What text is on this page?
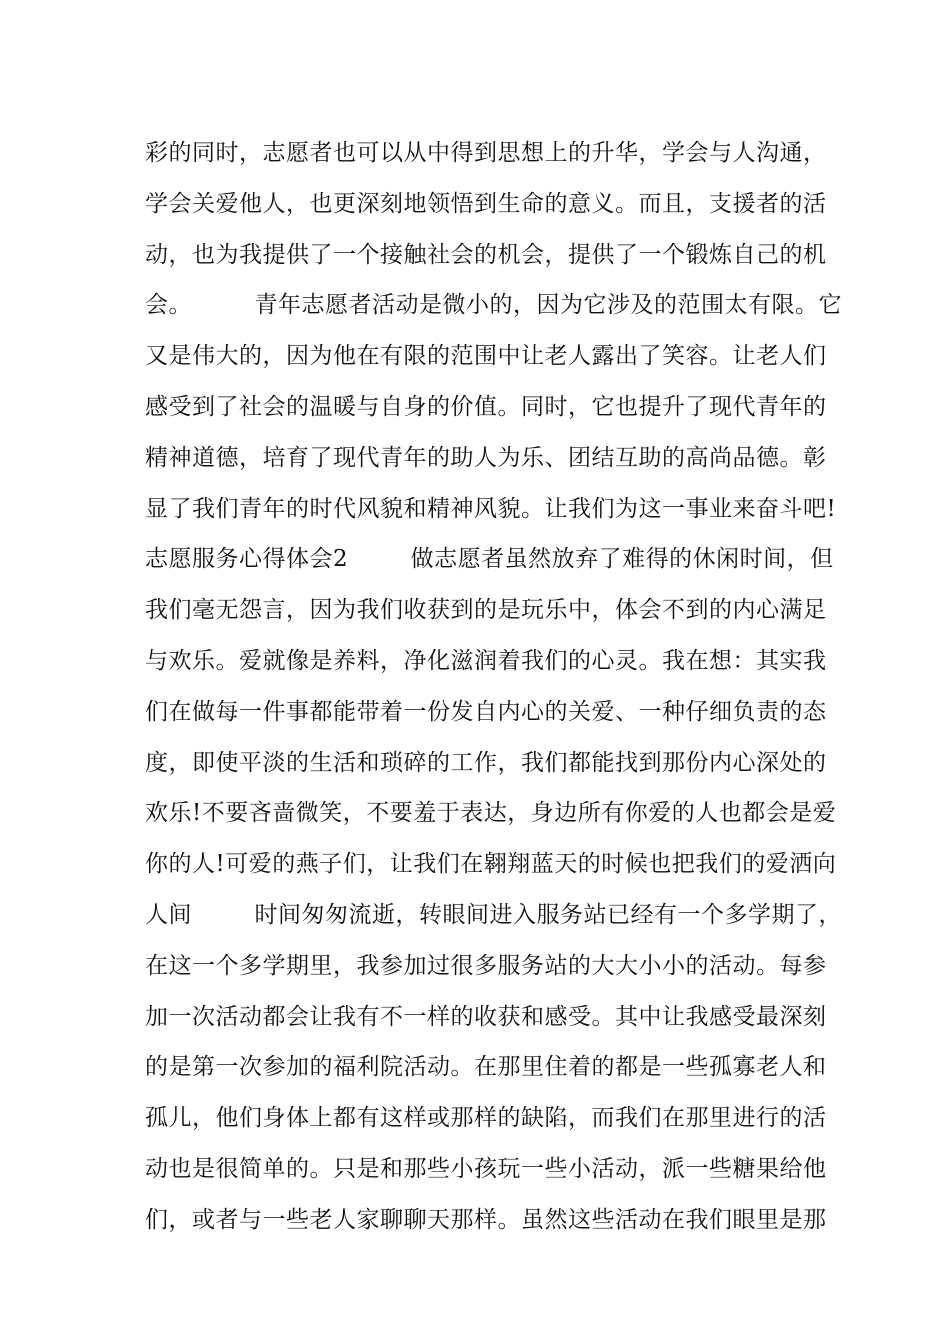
彩的同时，志愿者也可以从中得到思想上的升华，学会与人沟通，
学会关爱他人，也更深刻地领悟到生命的意义。而且，支援者的活
动，也为我提供了一个接触社会的机会，提供了一个锻炼自己的机
会。        青年志愿者活动是微小的，因为它涉及的范围太有限。它
又是伟大的，因为他在有限的范围中让老人露出了笑容。让老人们
感受到了社会的温暖与自身的价值。同时，它也提升了现代青年的
精神道德，培育了现代青年的助人为乐、团结互助的高尚品德。彰
显了我们青年的时代风貌和精神风貌。让我们为这一事业来奋斗吧!
志愿服务心得体会2        做志愿者虽然放弃了难得的休闲时间，但
我们毫无怨言，因为我们收获到的是玩乐中，体会不到的内心满足
与欢乐。爱就像是养料，净化滋润着我们的心灵。我在想：其实我
们在做每一件事都能带着一份发自内心的关爱、一种仔细负责的态
度，即使平淡的生活和琐碎的工作，我们都能找到那份内心深处的
欢乐!不要吝啬微笑，不要羞于表达，身边所有你爱的人也都会是爱
你的人!可爱的燕子们，让我们在翱翔蓝天的时候也把我们的爱洒向
人间        时间匆匆流逝，转眼间进入服务站已经有一个多学期了，
在这一个多学期里，我参加过很多服务站的大大小小的活动。每参
加一次活动都会让我有不一样的收获和感受。其中让我感受最深刻
的是第一次参加的福利院活动。在那里住着的都是一些孤寡老人和
孤儿，他们身体上都有这样或那样的缺陷，而我们在那里进行的活
动也是很简单的。只是和那些小孩玩一些小活动，派一些糖果给他
们，或者与一些老人家聊聊天那样。虽然这些活动在我们眼里是那
